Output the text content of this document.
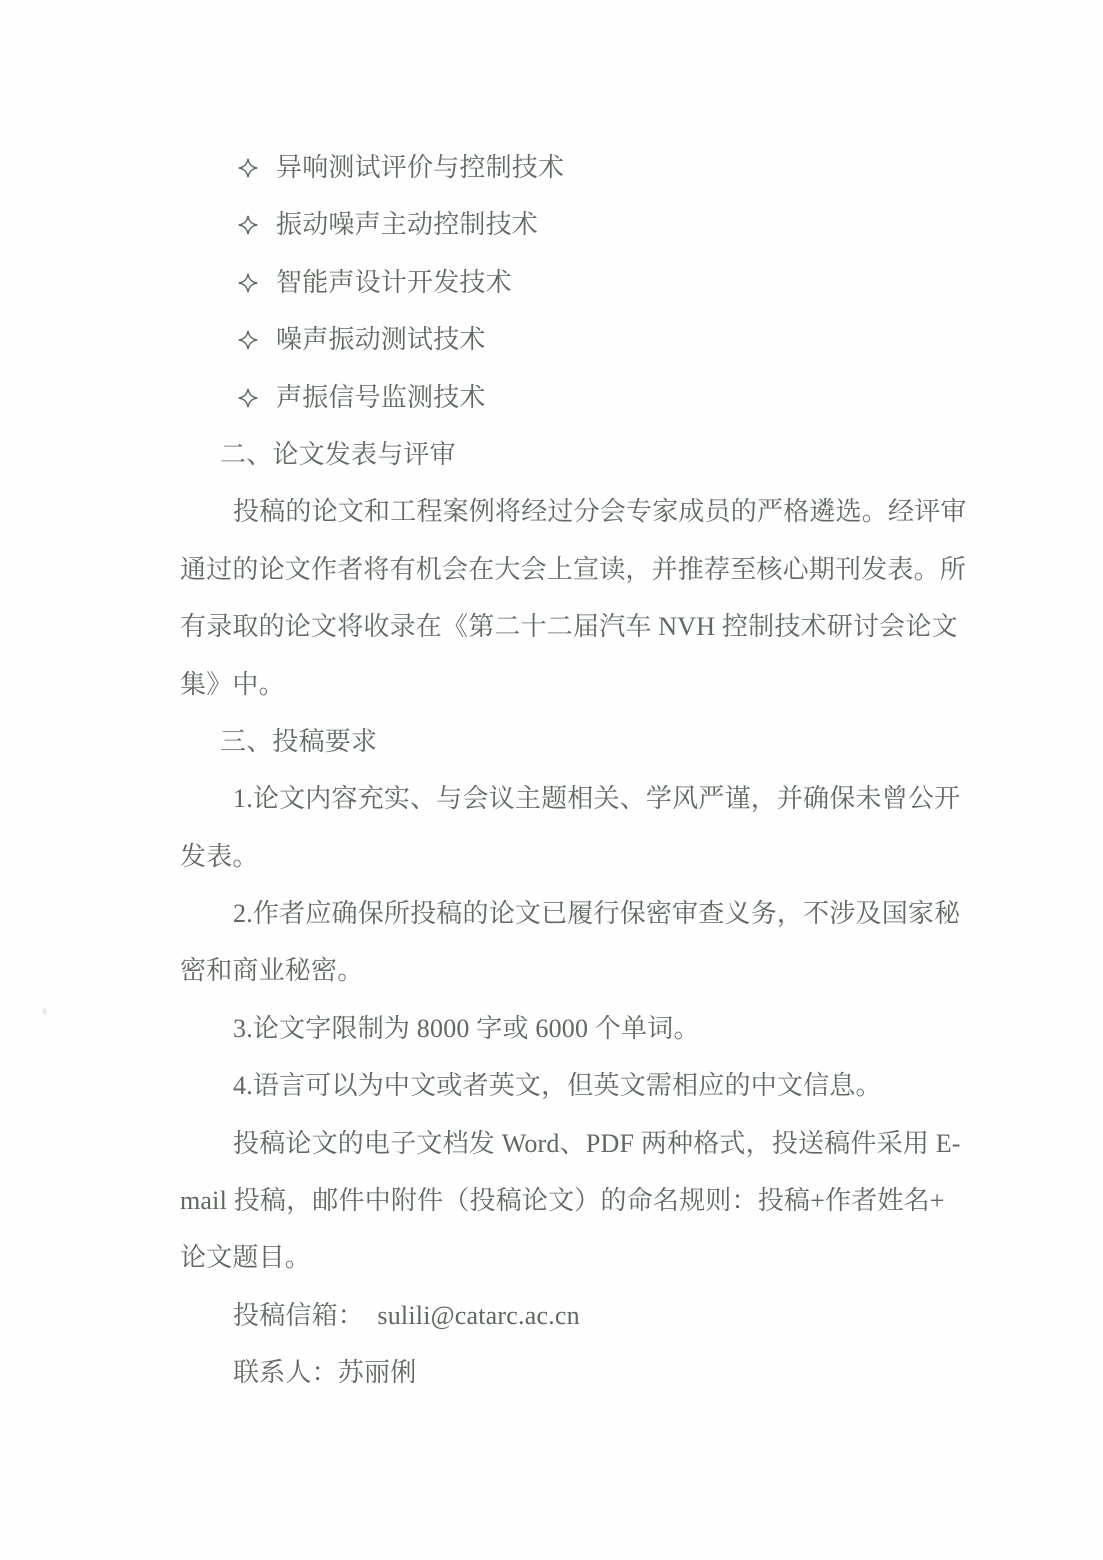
异响测试评价与控制技术
振动噪声主动控制技术
智能声设计开发技术
噪声振动测试技术
声振信号监测技术
二、论文发表与评审
投稿的论文和工程案例将经过分会专家成员的严格遴选。经评审
通过的论文作者将有机会在大会上宣读，并推荐至核心期刊发表。所
有录取的论文将收录在《第二十二届汽车 NVH 控制技术研讨会论文
集》中。
三、投稿要求
1.论文内容充实、与会议主题相关、学风严谨，并确保未曾公开
发表。
2.作者应确保所投稿的论文已履行保密审查义务，不涉及国家秘
密和商业秘密。
3.论文字限制为 8000 字或 6000 个单词。
4.语言可以为中文或者英文，但英文需相应的中文信息。
投稿论文的电子文档发 Word、PDF 两种格式，投送稿件采用 E-
mail 投稿，邮件中附件（投稿论文）的命名规则：投稿+作者姓名+
论文题目。
投稿信箱：  sulili@catarc.ac.cn
联系人：苏丽俐
